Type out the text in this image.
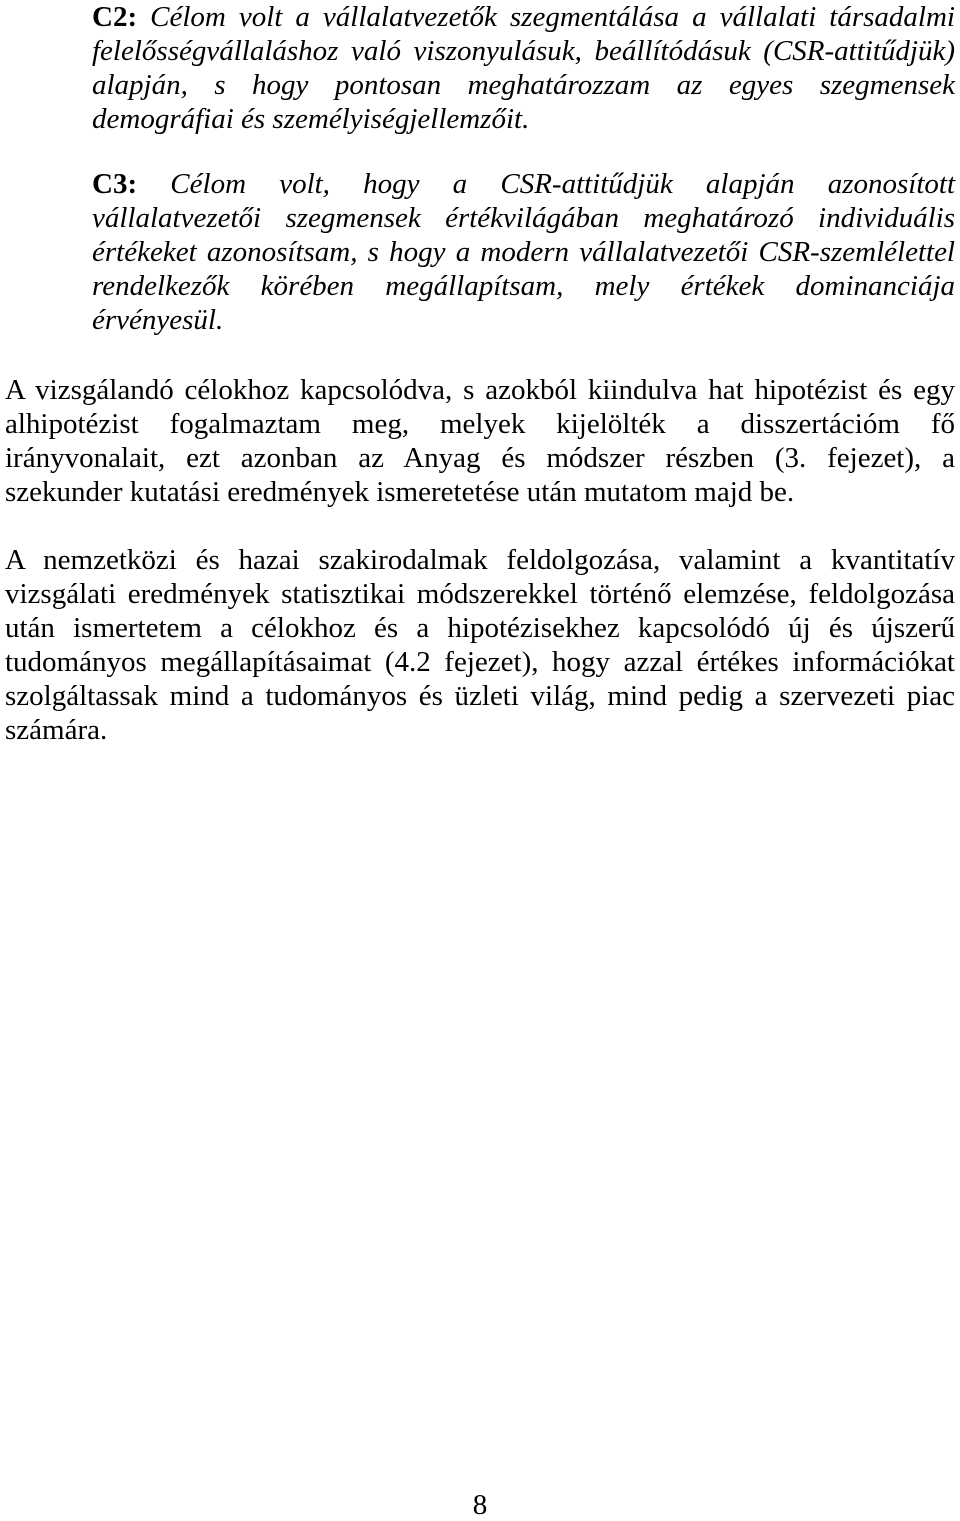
C2: Célom volt a vállalatvezetők szegmentálása a vállalati társadalmi
felelősségvállaláshoz való viszonyulásuk, beállítódásuk (CSR-attitűdjük)
alapján, s hogy pontosan meghatározzam az egyes szegmensek
demográfiai és személyiségjellemzőit.
C3: Célom volt, hogy a CSR-attitűdjük alapján azonosított
vállalatvezetői szegmensek értékvilágában meghatározó individuális
értékeket azonosítsam, s hogy a modern vállalatvezetői CSR-szemlélettel
rendelkezők körében megállapítsam, mely értékek dominanciája
érvényesül.
A vizsgálandó célokhoz kapcsolódva, s azokból kiindulva hat hipotézist és egy
alhipotézist fogalmaztam meg, melyek kijelölték a disszertációm fő
irányvonalait, ezt azonban az Anyag és módszer részben (3. fejezet), a
szekunder kutatási eredmények ismeretetése után mutatom majd be.
A nemzetközi és hazai szakirodalmak feldolgozása, valamint a kvantitatív
vizsgálati eredmények statisztikai módszerekkel történő elemzése, feldolgozása
után ismertetem a célokhoz és a hipotézisekhez kapcsolódó új és újszerű
tudományos megállapításaimat (4.2 fejezet), hogy azzal értékes információkat
szolgáltassak mind a tudományos és üzleti világ, mind pedig a szervezeti piac
számára.
8
